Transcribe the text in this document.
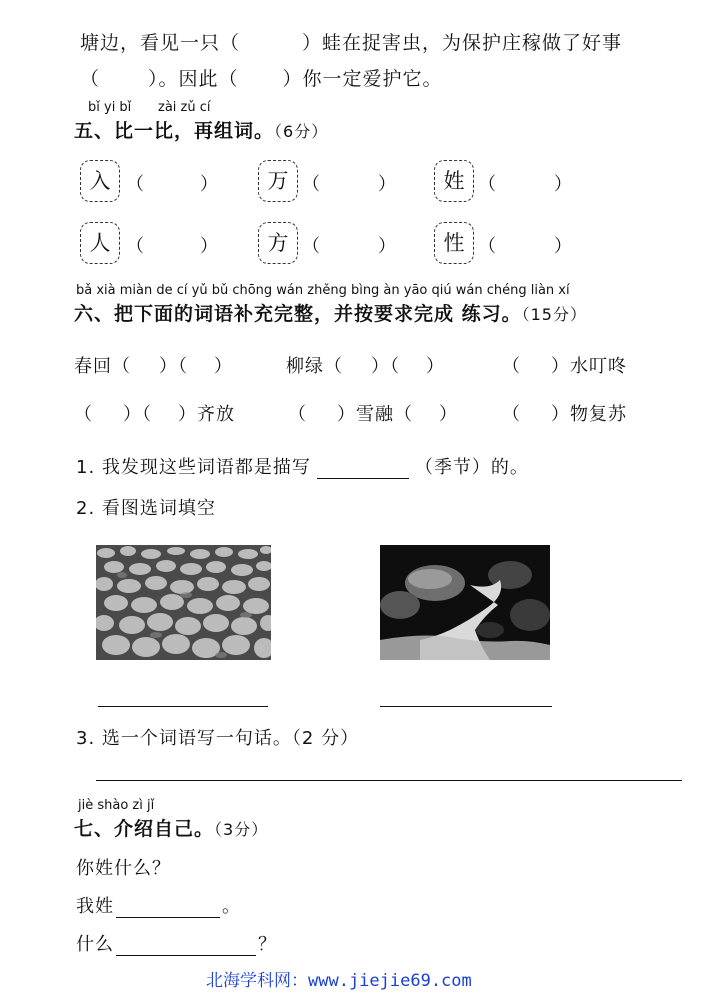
塘边，看见一只（	）蛙在捉害虫，为保护庄稼做了好事
（	）。因此（ ）你一定爱护它。
bǐ yi bǐ zài zǔ cí
五、比一比，再组词。（6分）
入 （	）	万 （	）	姓 （	）
人 （	）	方 （	）	性 （	）
bǎ xià miàn de cí yǔ bǔ chōng wán zhěng bìng àn yāo qiú wán chéng liàn xí
六、把下面的词语补充完整，并按要求完成 练习。（15分）
春回（ ）（ ）	柳绿（ ）（ ）	（ ）水叮咚
（ ）（ ）齐放	（ ）雪融（ ） （ ）物复苏
1. 我发现这些词语都是描写	（季节）的。
2. 看图选词填空
3. 选一个词语写一句话。（2 分）
jiè shào zì jǐ
七、介绍自己。（3分）
你姓什么？
我姓	。
什么	？
北海学科网：www.jiejie69.com
